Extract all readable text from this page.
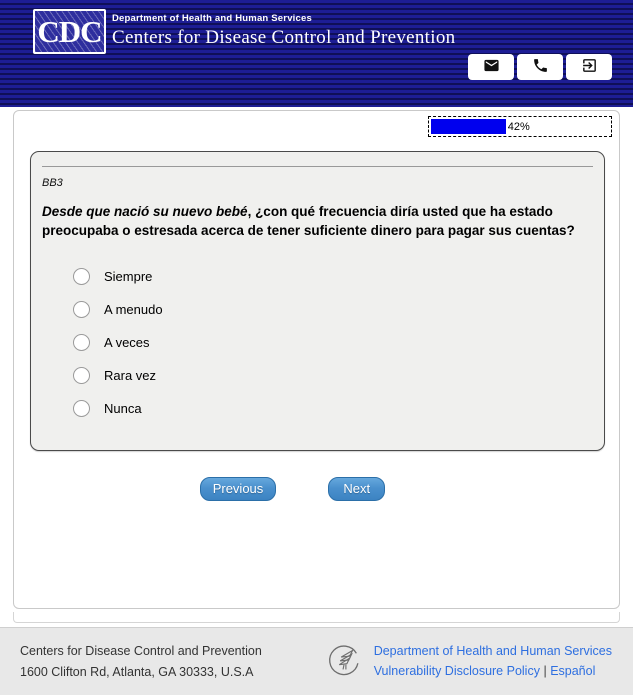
CDC Department of Health and Human Services
Centers for Disease Control and Prevention
42%
BB3
Desde que nació su nuevo bebé, ¿con qué frecuencia diría usted que ha estado preocupaba o estresada acerca de tener suficiente dinero para pagar sus cuentas?
Siempre
A menudo
A veces
Rara vez
Nunca
Previous	Next
Centers for Disease Control and Prevention
1600 Clifton Rd, Atlanta, GA 30333, U.S.A
Department of Health and Human Services
Vulnerability Disclosure Policy | Español
